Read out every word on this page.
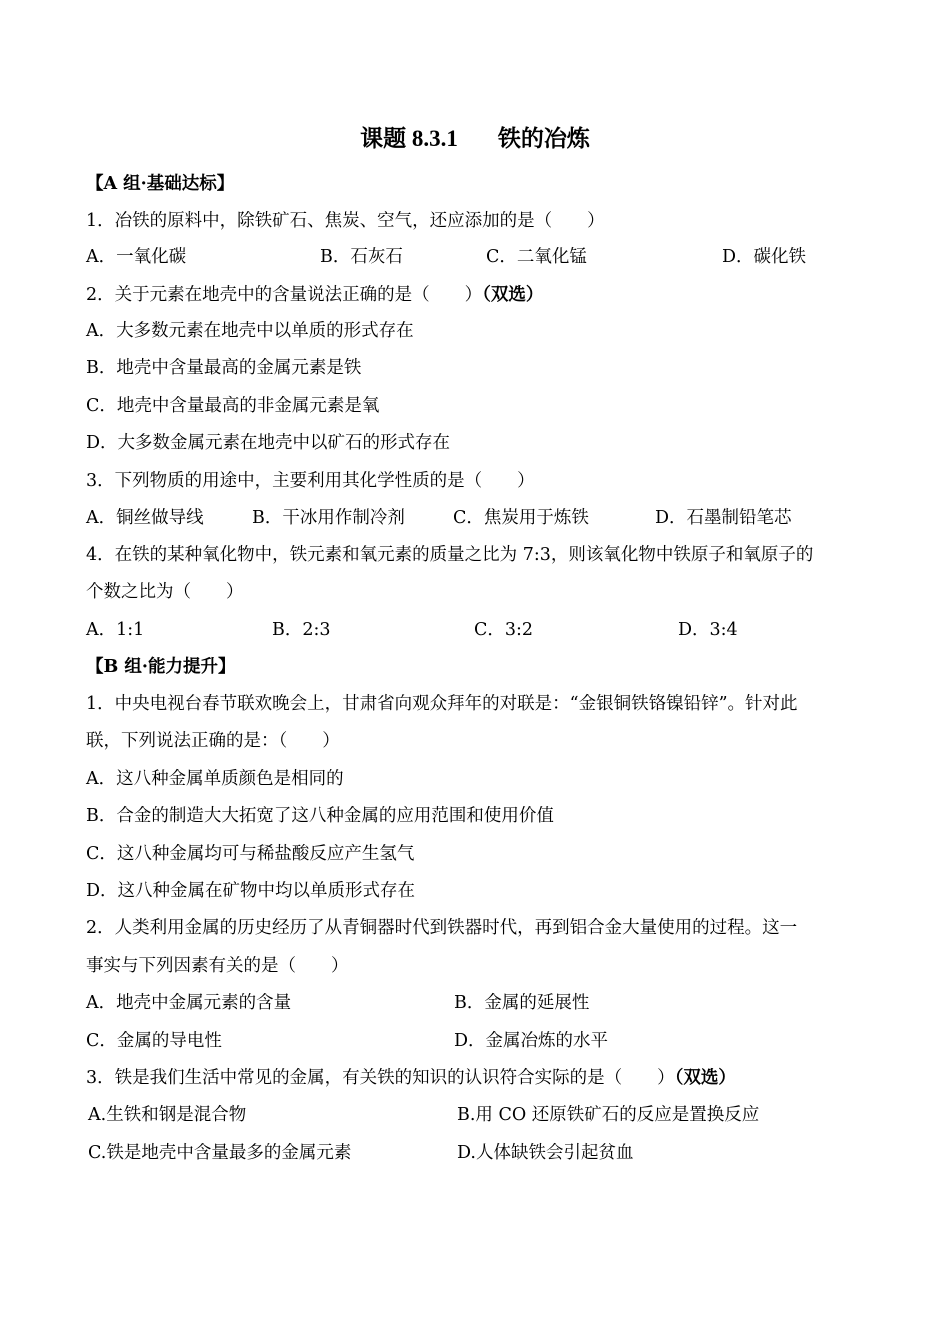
课题 8.3.1 铁的冶炼
【A 组·基础达标】
1．冶铁的原料中，除铁矿石、焦炭、空气，还应添加的是（　　）
A．一氧化碳	B．石灰石	C．二氧化锰	D．碳化铁
2．关于元素在地壳中的含量说法正确的是（　　）（双选）
A．大多数元素在地壳中以单质的形式存在
B．地壳中含量最高的金属元素是铁
C．地壳中含量最高的非金属元素是氧
D．大多数金属元素在地壳中以矿石的形式存在
3．下列物质的用途中，主要利用其化学性质的是（　　）
A．铜丝做导线	B．干冰用作制冷剂	C．焦炭用于炼铁	D．石墨制铅笔芯
4．在铁的某种氧化物中，铁元素和氧元素的质量之比为 7:3，则该氧化物中铁原子和氧原子的
个数之比为（　　）
A．1:1	B．2:3	C．3:2	D．3:4
【B 组·能力提升】
1．中央电视台春节联欢晚会上，甘肃省向观众拜年的对联是：“金银铜铁铬镍铅锌”。针对此
联，下列说法正确的是：（　　）
A．这八种金属单质颜色是相同的
B．合金的制造大大拓宽了这八种金属的应用范围和使用价值
C．这八种金属均可与稀盐酸反应产生氢气
D．这八种金属在矿物中均以单质形式存在
2．人类利用金属的历史经历了从青铜器时代到铁器时代，再到铝合金大量使用的过程。这一
事实与下列因素有关的是（　　）
A．地壳中金属元素的含量	B．金属的延展性
C．金属的导电性	D．金属冶炼的水平
3．铁是我们生活中常见的金属，有关铁的知识的认识符合实际的是（　　）（双选）
A.生铁和钢是混合物	B.用 CO 还原铁矿石的反应是置换反应
C.铁是地壳中含量最多的金属元素	D.人体缺铁会引起贫血
